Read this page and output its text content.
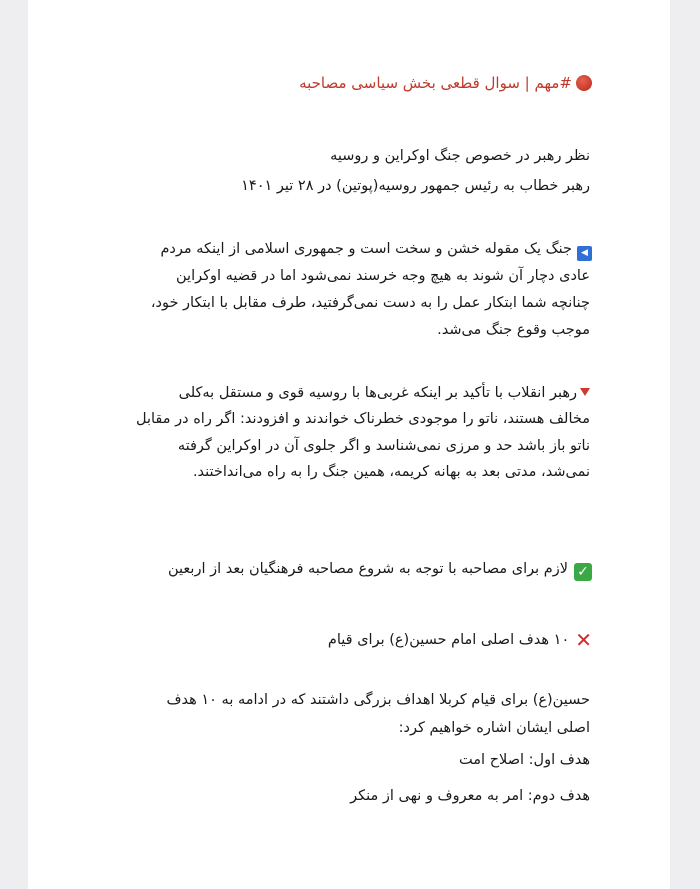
#مهم | سوال قطعی بخش سیاسی مصاحبه
نظر رهبر در خصوص جنگ اوکراین و روسیه
رهبر خطاب به رئیس جمهور روسیه(پوتین) در ۲۸ تیر ۱۴۰۱
◀جنگ یک مقوله خشن و سخت است و جمهوری اسلامی از اینکه مردم
عادی دچار آن شوند به هیچ وجه خرسند نمی‌شود اما در قضیه اوکراین
چنانچه شما ابتکار عمل را به دست نمی‌گرفتید، طرف مقابل با ابتکار خود،
موجب وقوع جنگ می‌شد.
رهبر انقلاب با تأکید بر اینکه غربی‌ها با روسیه قوی و مستقل به‌کلی
مخالف هستند، ناتو را موجودی خطرناک خواندند و افزودند: اگر راه در مقابل
ناتو باز باشد حد و مرزی نمی‌شناسد و اگر جلوی آن در اوکراین گرفته
نمی‌شد، مدتی بعد به بهانه کریمه، همین جنگ را به راه می‌انداختند.
✓لازم برای مصاحبه با توجه به شروع مصاحبه فرهنگیان بعد از اربعین
✕۱۰ هدف اصلی امام حسین(ع) برای قیام
حسین(ع) برای قیام کربلا اهداف بزرگی داشتند که در ادامه به ۱۰ هدف
اصلی ایشان اشاره خواهیم کرد:
هدف اول: اصلاح امت
هدف دوم: امر به معروف و نهی از منکر
